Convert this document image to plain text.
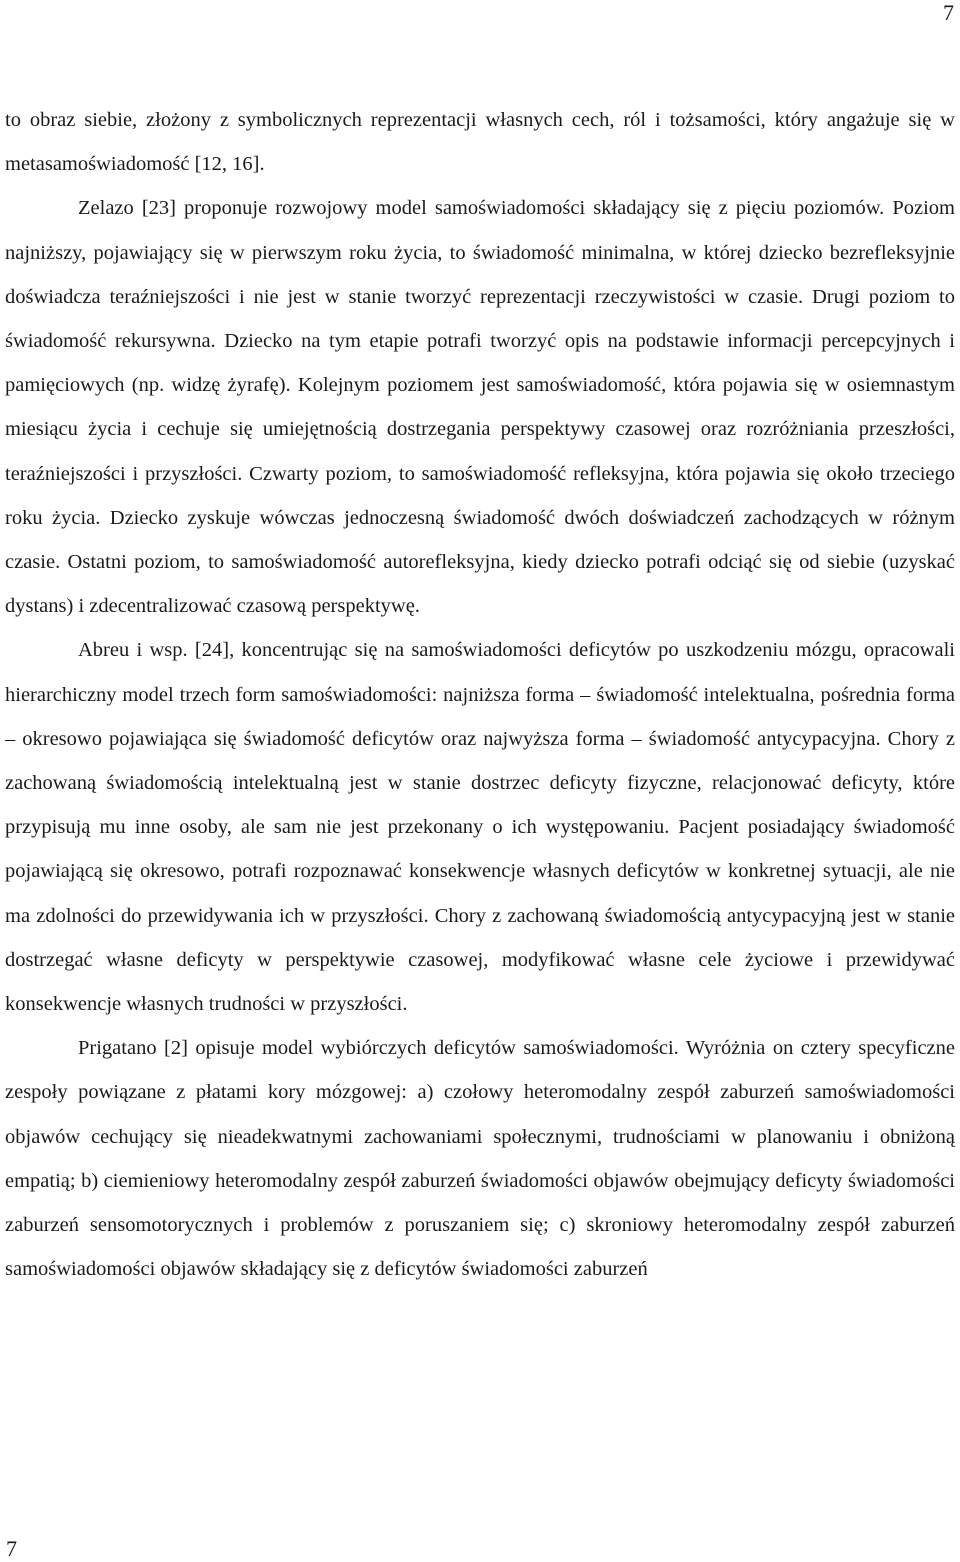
7

to obraz siebie, złożony z symbolicznych reprezentacji własnych cech, ról i tożsamości, który angażuje się w metasamoświadomość [12, 16].

Zelazo [23] proponuje rozwojowy model samoświadomości składający się z pięciu poziomów. Poziom najniższy, pojawiający się w pierwszym roku życia, to świadomość minimalna, w której dziecko bezrefleksyjnie doświadcza teraźniejszości i nie jest w stanie tworzyć reprezentacji rzeczywistości w czasie. Drugi poziom to świadomość rekursywna. Dziecko na tym etapie potrafi tworzyć opis na podstawie informacji percepcyjnych i pamięciowych (np. widzę żyrafę). Kolejnym poziomem jest samoświadomość, która pojawia się w osiemnastym miesiącu życia i cechuje się umiejętnością dostrzegania perspektywy czasowej oraz rozróżniania przeszłości, teraźniejszości i przyszłości. Czwarty poziom, to samoświadomość refleksyjna, która pojawia się około trzeciego roku życia. Dziecko zyskuje wówczas jednoczesną świadomość dwóch doświadczeń zachodzących w różnym czasie. Ostatni poziom, to samoświadomość autorefleksyjna, kiedy dziecko potrafi odciąć się od siebie (uzyskać dystans) i zdecentralizować czasową perspektywę.

Abreu i wsp. [24], koncentrując się na samoświadomości deficytów po uszkodzeniu mózgu, opracowali hierarchiczny model trzech form samoświadomości: najniższa forma – świadomość intelektualna, pośrednia forma – okresowo pojawiająca się świadomość deficytów oraz najwyższa forma – świadomość antycypacyjna. Chory z zachowaną świadomością intelektualną jest w stanie dostrzec deficyty fizyczne, relacjonować deficyty, które przypisują mu inne osoby, ale sam nie jest przekonany o ich występowaniu. Pacjent posiadający świadomość pojawiającą się okresowo, potrafi rozpoznawać konsekwencje własnych deficytów w konkretnej sytuacji, ale nie ma zdolności do przewidywania ich w przyszłości. Chory z zachowaną świadomością antycypacyjną jest w stanie dostrzegać własne deficyty w perspektywie czasowej, modyfikować własne cele życiowe i przewidywać konsekwencje własnych trudności w przyszłości.

Prigatano [2] opisuje model wybiórczych deficytów samoświadomości. Wyróżnia on cztery specyficzne zespoły powiązane z płatami kory mózgowej: a) czołowy heteromodalny zespół zaburzeń samoświadomości objawów cechujący się nieadekwatnymi zachowaniami społecznymi, trudnościami w planowaniu i obniżoną empatią; b) ciemieniowy heteromodalny zespół zaburzeń świadomości objawów obejmujący deficyty świadomości zaburzeń sensomotorycznych i problemów z poruszaniem się; c) skroniowy heteromodalny zespół zaburzeń samoświadomości objawów składający się z deficytów świadomości zaburzeń

7
